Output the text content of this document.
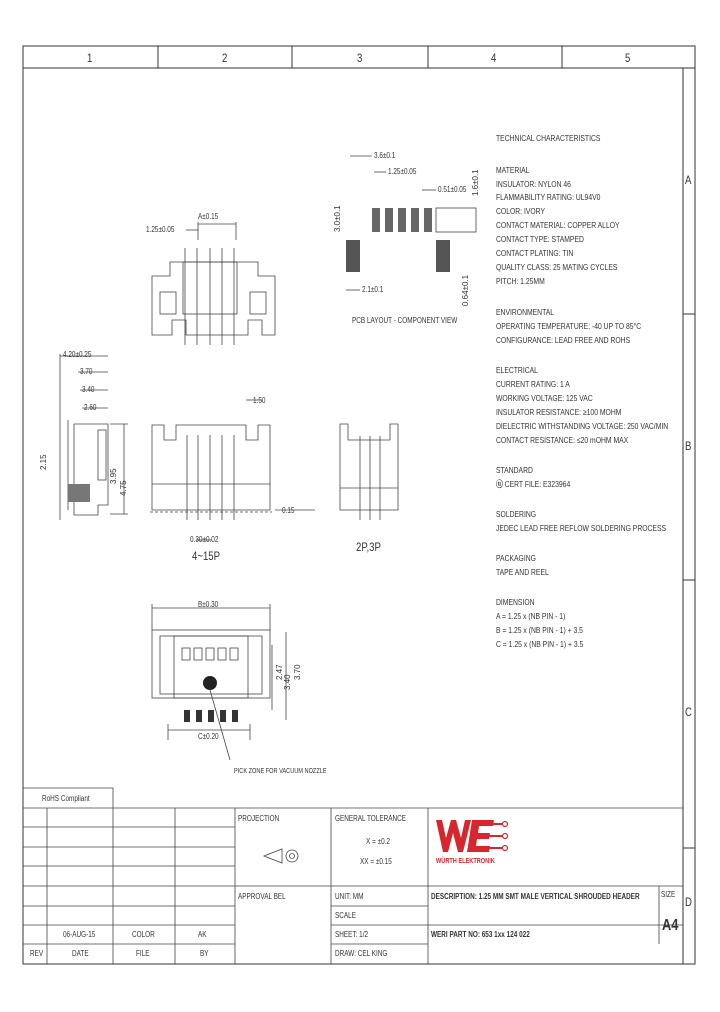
1	2	3	4	5
A
B
C
D
A±0.15
1.25±0.05
4.20±0.25
3.70
3.40
2.60
2.15
3.95
4.75
1.50
0.15
0.30±0.02
4~15P
2P,3P
3.6±0.1
1.25±0.05
0.51±0.05 1.6±0.1
3.0±0.1
2.1±0.1	0.64±0.1
PCB LAYOUT - COMPONENT VIEW
B±0.30
C±0.20
2.47
3.40
3.70
PICK ZONE FOR VACUUM NOZZLE
TECHNICAL CHARACTERISTICS
MATERIAL
INSULATOR: NYLON 46
FLAMMABILITY RATING: UL94V0
COLOR: IVORY
CONTACT MATERIAL: COPPER ALLOY
CONTACT TYPE: STAMPED
CONTACT PLATING: TIN
QUALITY CLASS: 25 MATING CYCLES
PITCH: 1.25MM
ENVIRONMENTAL
OPERATING TEMPERATURE: -40 UP TO 85°C
CONFIGURANCE: LEAD FREE AND ROHS
ELECTRICAL
CURRENT RATING: 1 A
WORKING VOLTAGE: 125 VAC
INSULATOR RESISTANCE: ≥100 MOHM
DIELECTRIC WITHSTANDING VOLTAGE: 250 VAC/MIN
CONTACT RESISTANCE: ≤20 mOHM MAX
STANDARD
ⓤ CERT FILE: E323964
SOLDERING
JEDEC LEAD FREE REFLOW SOLDERING PROCESS
PACKAGING
TAPE AND REEL
DIMENSION
A = 1.25 x (NB PIN - 1)
B = 1.25 x (NB PIN - 1) + 3.5
C = 1.25 x (NB PIN - 1) + 3.5
RoHS Compliant
PROJECTION	GENERAL TOLERANCE
X = ±0.2
XX = ±0.15
APPROVAL BEL	UNIT: MM
SCALE
SHEET: 1/2
DRAW: CEL KING
DESCRIPTION: 1.25 MM SMT MALE VERTICAL SHROUDED HEADER
WERI PART NO: 653 1xx 124 022
SIZE
A4
06-AUG-15	COLOR	AK
REV	DATE	FILE	BY
WÜRTH ELEKTRONIK
